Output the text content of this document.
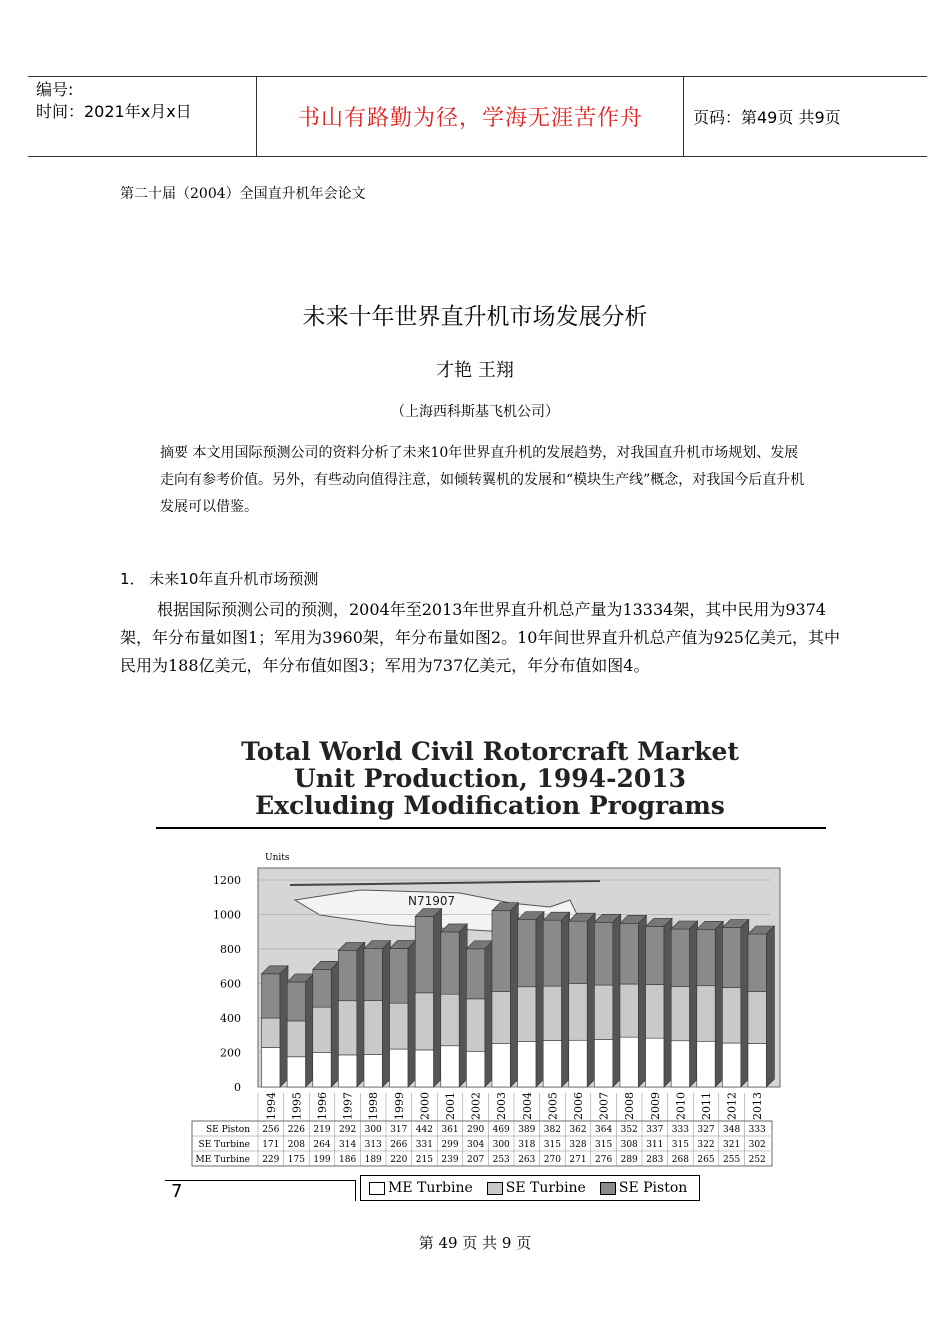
编号:
时间：2021年x月x日	书山有路勤为径，学海无涯苦作舟	页码：第49页 共9页
第二十届（2004）全国直升机年会论文
未来十年世界直升机市场发展分析
才艳 王翔
（上海西科斯基飞机公司）
摘要 本文用国际预测公司的资料分析了未来10年世界直升机的发展趋势，对我国直升机市场规划、发展走向有参考价值。另外，有些动向值得注意，如倾转翼机的发展和“模块生产线”概念，对我国今后直升机发展可以借鉴。
1． 未来10年直升机市场预测
根据国际预测公司的预测，2004年至2013年世界直升机总产量为13334架，其中民用为9374架，年分布量如图1；军用为3960架，年分布量如图2。10年间世界直升机总产值为925亿美元，其中民用为188亿美元，年分布值如图3；军用为737亿美元，年分布值如图4。
Total World Civil Rotorcraft Market
Unit Production, 1994-2013
Excluding Modification Programs
N71907
1200
1000
800
600
400
200
0
Units
1994 1995 1996 1997 1998 1999 2000 2001 2002 2003 2004 2005 2006 2007 2008 2009 2010 2011 2012 2013
SE Piston 256 226 219 292 300 317 442 361 290 469 389 382 362 364 352 337 333 327 348 333
SE Turbine 171 208 264 314 313 266 331 299 304 300 318 315 328 315 308 311 315 322 321 302
ME Turbine 229 175 199 186 189 220 215 239 207 253 263 270 271 276 289 283 268 265 255 252
7	ME Turbine SE Turbine SE Piston
第 49 页 共 9 页
